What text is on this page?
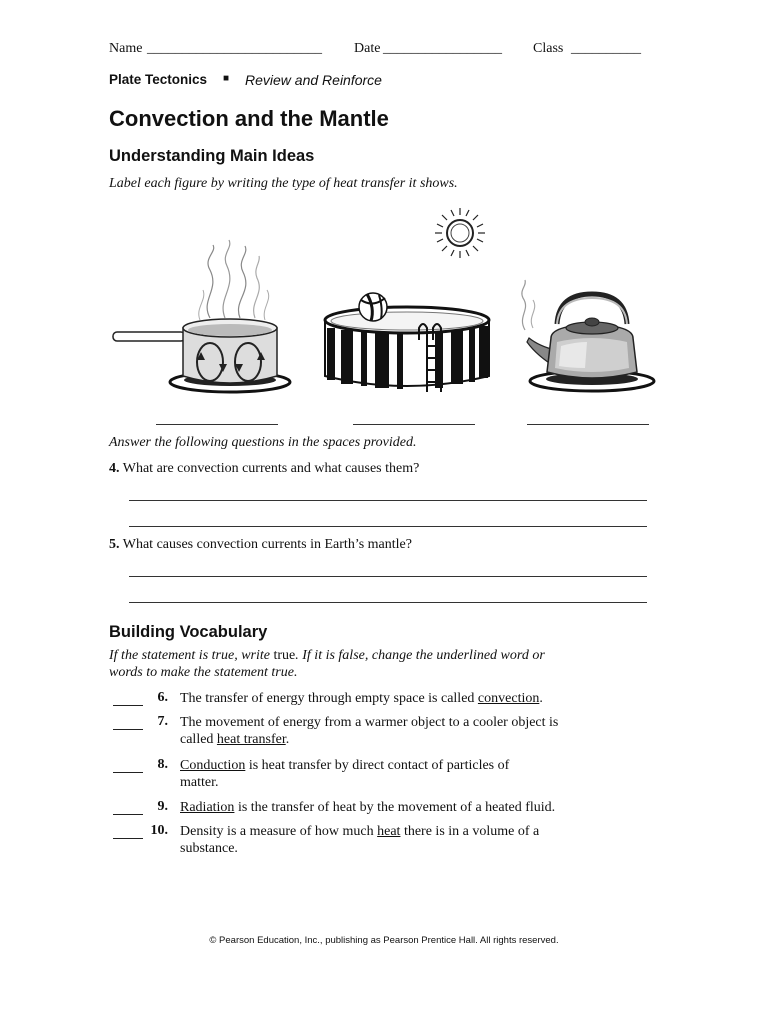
Name _________________________ Date _________________ Class __________
Plate Tectonics ■ Review and Reinforce
Convection and the Mantle
Understanding Main Ideas
Label each figure by writing the type of heat transfer it shows.
Answer the following questions in the spaces provided.
4. What are convection currents and what causes them?
5. What causes convection currents in Earth’s mantle?
Building Vocabulary
If the statement is true, write true. If it is false, change the underlined word or
words to make the statement true.
6. The transfer of energy through empty space is called convection.
7. The movement of energy from a warmer object to a cooler object is
called heat transfer.
8. Conduction is heat transfer by direct contact of particles of
matter.
9. Radiation is the transfer of heat by the movement of a heated fluid.
10. Density is a measure of how much heat there is in a volume of a
substance.
© Pearson Education, Inc., publishing as Pearson Prentice Hall. All rights reserved.
